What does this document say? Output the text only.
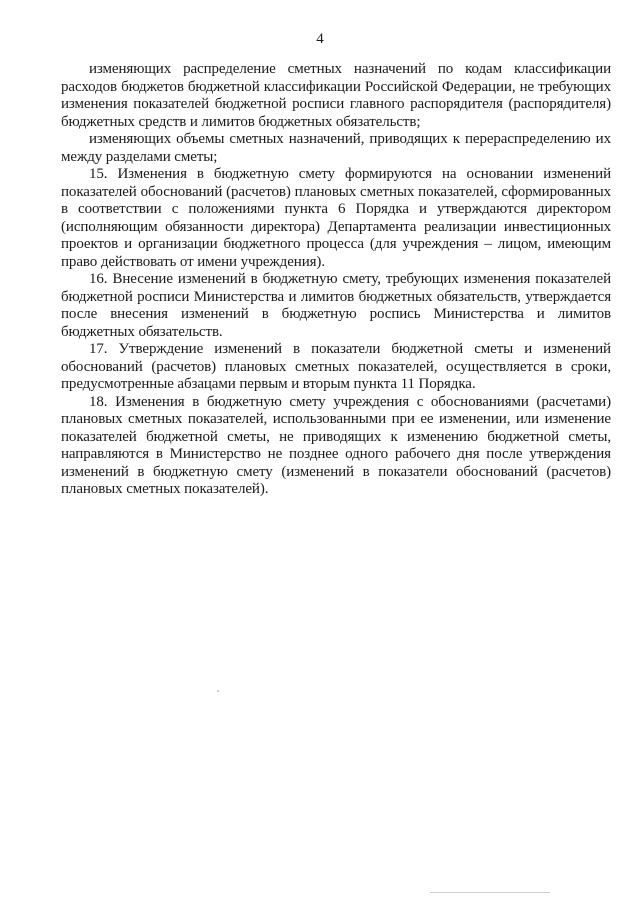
4

изменяющих распределение сметных назначений по кодам классификации расходов бюджетов бюджетной классификации Российской Федерации, не требующих изменения показателей бюджетной росписи главного распорядителя (распорядителя) бюджетных средств и лимитов бюджетных обязательств;

изменяющих объемы сметных назначений, приводящих к перераспределению их между разделами сметы;

15. Изменения в бюджетную смету формируются на основании изменений показателей обоснований (расчетов) плановых сметных показателей, сформированных в соответствии с положениями пункта 6 Порядка и утверждаются директором (исполняющим обязанности директора) Департамента реализации инвестиционных проектов и организации бюджетного процесса (для учреждения – лицом, имеющим право действовать от имени учреждения).

16. Внесение изменений в бюджетную смету, требующих изменения показателей бюджетной росписи Министерства и лимитов бюджетных обязательств, утверждается после внесения изменений в бюджетную роспись Министерства и лимитов бюджетных обязательств.

17. Утверждение изменений в показатели бюджетной сметы и изменений обоснований (расчетов) плановых сметных показателей, осуществляется в сроки, предусмотренные абзацами первым и вторым пункта 11 Порядка.

18. Изменения в бюджетную смету учреждения с обоснованиями (расчетами) плановых сметных показателей, использованными при ее изменении, или изменение показателей бюджетной сметы, не приводящих к изменению бюджетной сметы, направляются в Министерство не позднее одного рабочего дня после утверждения изменений в бюджетную смету (изменений в показатели обоснований (расчетов) плановых сметных показателей).
